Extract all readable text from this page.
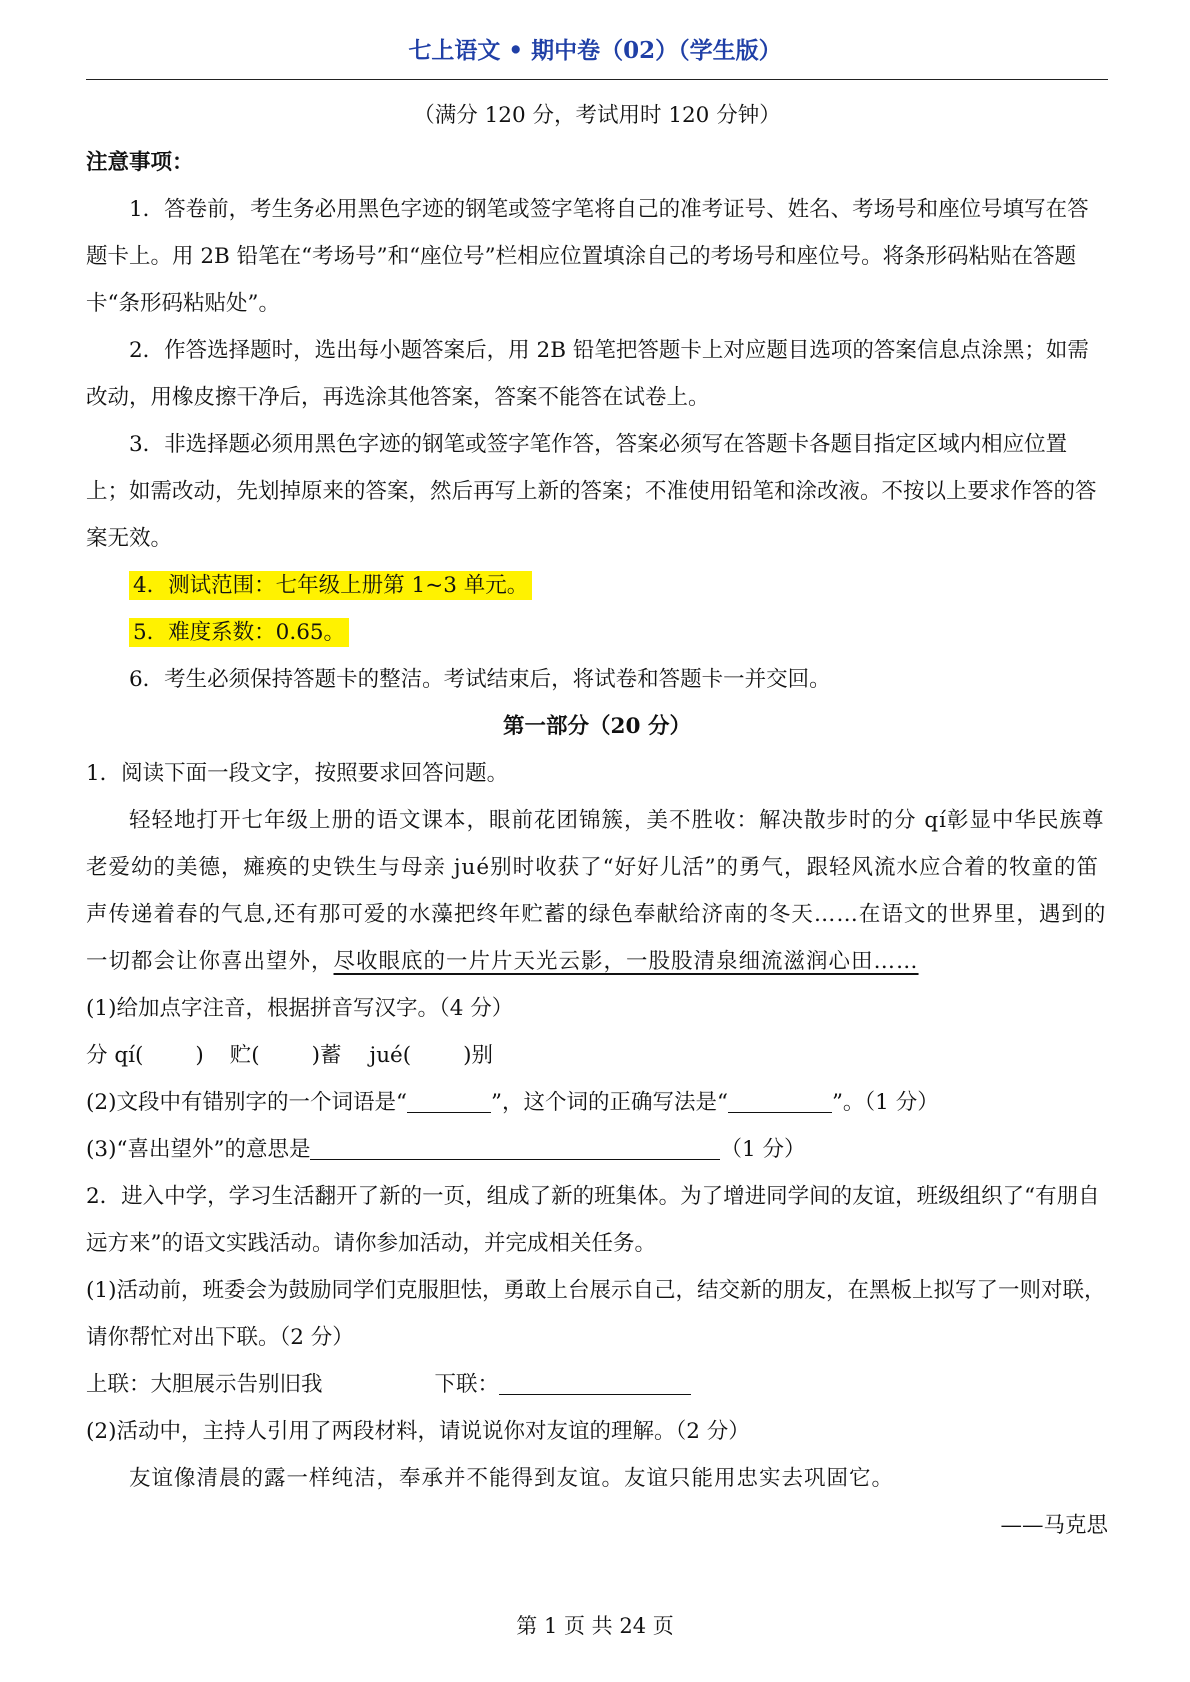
七上语文 • 期中卷（02）（学生版）

（满分 120 分，考试用时 120 分钟）

注意事项：

1．答卷前，考生务必用黑色字迹的钢笔或签字笔将自己的准考证号、姓名、考场号和座位号填写在答题卡上。用 2B 铅笔在“考场号”和“座位号”栏相应位置填涂自己的考场号和座位号。将条形码粘贴在答题卡“条形码粘贴处”。

2．作答选择题时，选出每小题答案后，用 2B 铅笔把答题卡上对应题目选项的答案信息点涂黑；如需改动，用橡皮擦干净后，再选涂其他答案，答案不能答在试卷上。

3．非选择题必须用黑色字迹的钢笔或签字笔作答，答案必须写在答题卡各题目指定区域内相应位置上；如需改动，先划掉原来的答案，然后再写上新的答案；不准使用铅笔和涂改液。不按以上要求作答的答案无效。

4．测试范围：七年级上册第 1~3 单元。

5．难度系数：0.65。

6．考生必须保持答题卡的整洁。考试结束后，将试卷和答题卡一并交回。

第一部分（20 分）

1．阅读下面一段文字，按照要求回答问题。

轻轻地打开七年级上册的语文课本，眼前花团锦簇，美不胜收：解决散步时的分 qí彰显中华民族尊老爱幼的美德，瘫痪的史铁生与母亲 jué别时收获了“好好儿活”的勇气，跟轻风流水应合着的牧童的笛声传递着春的气息,还有那可爱的水藻把终年贮蓄的绿色奉献给济南的冬天……在语文的世界里，遇到的一切都会让你喜出望外，尽收眼底的一片片天光云影，一股股清泉细流滋润心田……

(1)给加点字注音，根据拼音写汉字。（4 分）

分 qí( ) 贮( )蓄 jué( )别

(2)文段中有错别字的一个词语是“	”，这个词的正确写法是“	”。（1 分）

(3)“喜出望外”的意思是	（1 分）

2．进入中学，学习生活翻开了新的一页，组成了新的班集体。为了增进同学间的友谊，班级组织了“有朋自远方来”的语文实践活动。请你参加活动，并完成相关任务。

(1)活动前，班委会为鼓励同学们克服胆怯，勇敢上台展示自己，结交新的朋友，在黑板上拟写了一则对联，请你帮忙对出下联。（2 分）

上联：大胆展示告别旧我	下联：

(2)活动中，主持人引用了两段材料，请说说你对友谊的理解。（2 分）

友谊像清晨的露一样纯洁，奉承并不能得到友谊。友谊只能用忠实去巩固它。

——马克思

第 1 页 共 24 页
